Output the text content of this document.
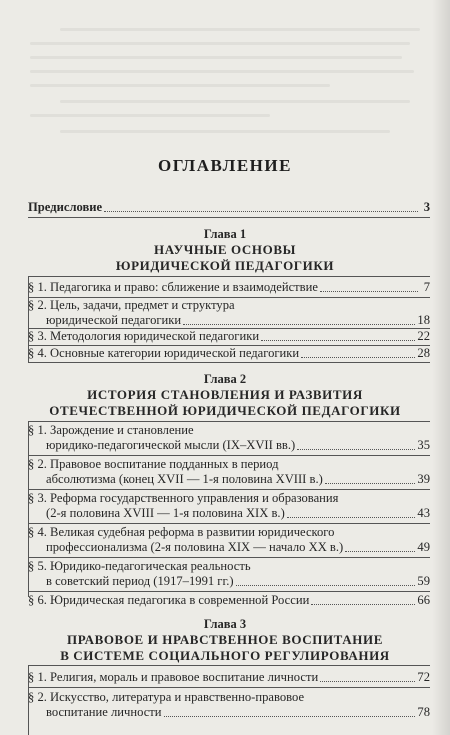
ОГЛАВЛЕНИЕ
Предисловие	3
Глава 1
НАУЧНЫЕ ОСНОВЫ
ЮРИДИЧЕСКОЙ ПЕДАГОГИКИ
§ 1. Педагогика и право: сближение и взаимодействие	7
§ 2. Цель, задачи, предмет и структура
юридической педагогики	18
§ 3. Методология юридической педагогики	22
§ 4. Основные категории юридической педагогики	28
Глава 2
ИСТОРИЯ СТАНОВЛЕНИЯ И РАЗВИТИЯ
ОТЕЧЕСТВЕННОЙ ЮРИДИЧЕСКОЙ ПЕДАГОГИКИ
§ 1. Зарождение и становление
юридико-педагогической мысли (IX–XVII вв.)	35
§ 2. Правовое воспитание подданных в период
абсолютизма (конец XVII — 1-я половина XVIII в.)	39
§ 3. Реформа государственного управления и образования
(2-я половина XVIII — 1-я половина XIX в.)	43
§ 4. Великая судебная реформа в развитии юридического
профессионализма (2-я половина XIX — начало XX в.)	49
§ 5. Юридико-педагогическая реальность
в советский период (1917–1991 гг.)	59
§ 6. Юридическая педагогика в современной России	66
Глава 3
ПРАВОВОЕ И НРАВСТВЕННОЕ ВОСПИТАНИЕ
В СИСТЕМЕ СОЦИАЛЬНОГО РЕГУЛИРОВАНИЯ
§ 1. Религия, мораль и правовое воспитание личности	72
§ 2. Искусство, литература и нравственно-правовое
воспитание личности	78
